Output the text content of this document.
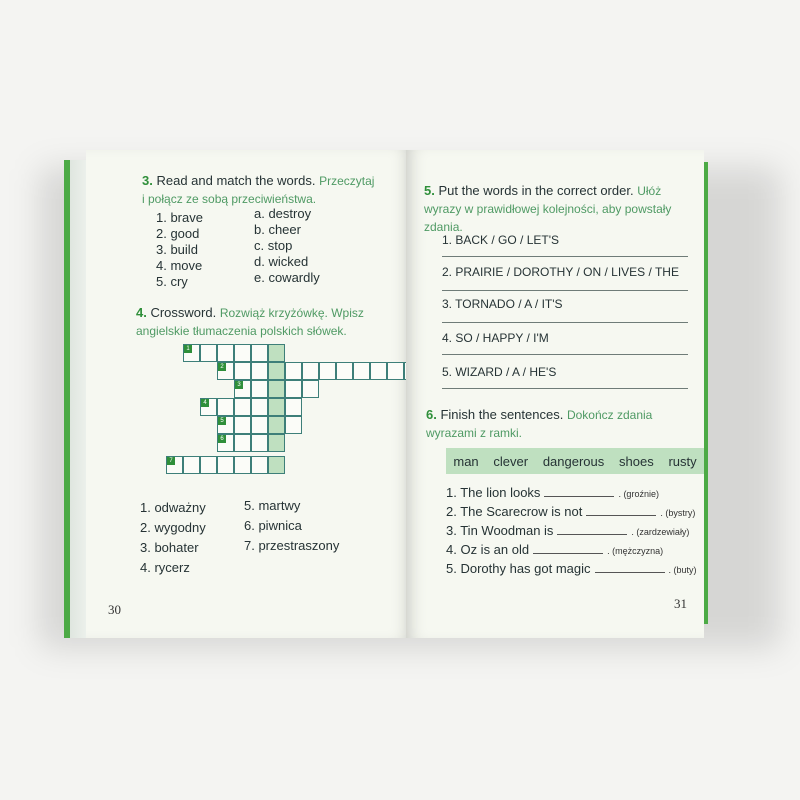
3. Read and match the words. Przeczytaj
i połącz ze sobą przeciwieństwa.
1. brave
2. good
3. build
4. move
5. cry
a. destroy
b. cheer
c. stop
d. wicked
e. cowardly
4. Crossword. Rozwiąż krzyżówkę. Wpisz
angielskie tłumaczenia polskich słówek.
1
2
3
4
5
6
7
1. odważny
2. wygodny
3. bohater
4. rycerz
5. martwy
6. piwnica
7. przestraszony
30
5. Put the words in the correct order. Ułóż
wyrazy w prawidłowej kolejności, aby powstały
zdania.
1. BACK / GO / LET'S
2. PRAIRIE / DOROTHY / ON / LIVES / THE
3. TORNADO / A / IT'S
4. SO / HAPPY / I'M
5. WIZARD / A / HE'S
6. Finish the sentences. Dokończ zdania
wyrazami z ramki.
man clever dangerous shoes rusty
1. The lion looks	. (groźnie)
2. The Scarecrow is not	. (bystry)
3. Tin Woodman is	. (zardzewiały)
4. Oz is an old	. (mężczyzna)
5. Dorothy has got magic	. (buty)
31
